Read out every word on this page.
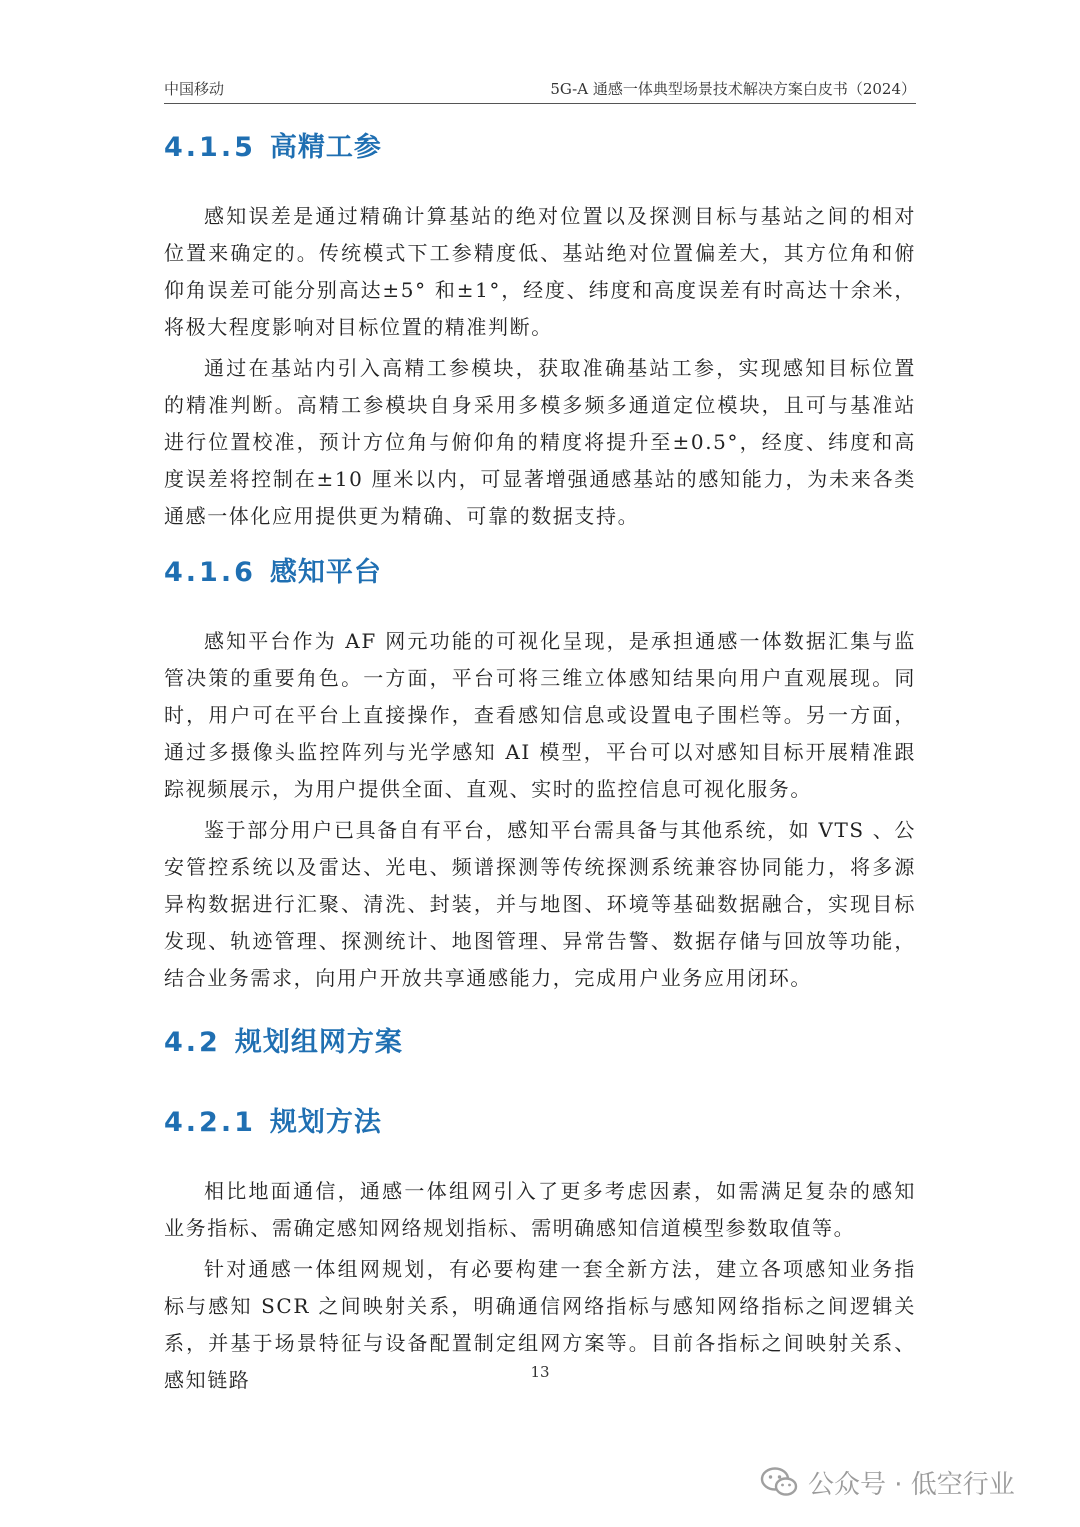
中国移动	5G-A 通感一体典型场景技术解决方案白皮书（2024）
4.1.5 高精工参

感知误差是通过精确计算基站的绝对位置以及探测目标与基站之间的相对位置来确定的。传统模式下工参精度低、基站绝对位置偏差大，其方位角和俯仰角误差可能分别高达±5° 和±1°，经度、纬度和高度误差有时高达十余米，将极大程度影响对目标位置的精准判断。

通过在基站内引入高精工参模块，获取准确基站工参，实现感知目标位置的精准判断。高精工参模块自身采用多模多频多通道定位模块，且可与基准站进行位置校准，预计方位角与俯仰角的精度将提升至±0.5°，经度、纬度和高度误差将控制在±10 厘米以内，可显著增强通感基站的感知能力，为未来各类通感一体化应用提供更为精确、可靠的数据支持。

4.1.6 感知平台

感知平台作为 AF 网元功能的可视化呈现，是承担通感一体数据汇集与监管决策的重要角色。一方面，平台可将三维立体感知结果向用户直观展现。同时，用户可在平台上直接操作，查看感知信息或设置电子围栏等。另一方面，通过多摄像头监控阵列与光学感知 AI 模型，平台可以对感知目标开展精准跟踪视频展示，为用户提供全面、直观、实时的监控信息可视化服务。

鉴于部分用户已具备自有平台，感知平台需具备与其他系统，如 VTS 、公安管控系统以及雷达、光电、频谱探测等传统探测系统兼容协同能力，将多源异构数据进行汇聚、清洗、封装，并与地图、环境等基础数据融合，实现目标发现、轨迹管理、探测统计、地图管理、异常告警、数据存储与回放等功能，结合业务需求，向用户开放共享通感能力，完成用户业务应用闭环。

4.2 规划组网方案
4.2.1 规划方法

相比地面通信，通感一体组网引入了更多考虑因素，如需满足复杂的感知业务指标、需确定感知网络规划指标、需明确感知信道模型参数取值等。

针对通感一体组网规划，有必要构建一套全新方法，建立各项感知业务指标与感知 SCR 之间映射关系，明确通信网络指标与感知网络指标之间逻辑关系，并基于场景特征与设备配置制定组网方案等。目前各指标之间映射关系、感知链路	13
公众号 · 低空行业
